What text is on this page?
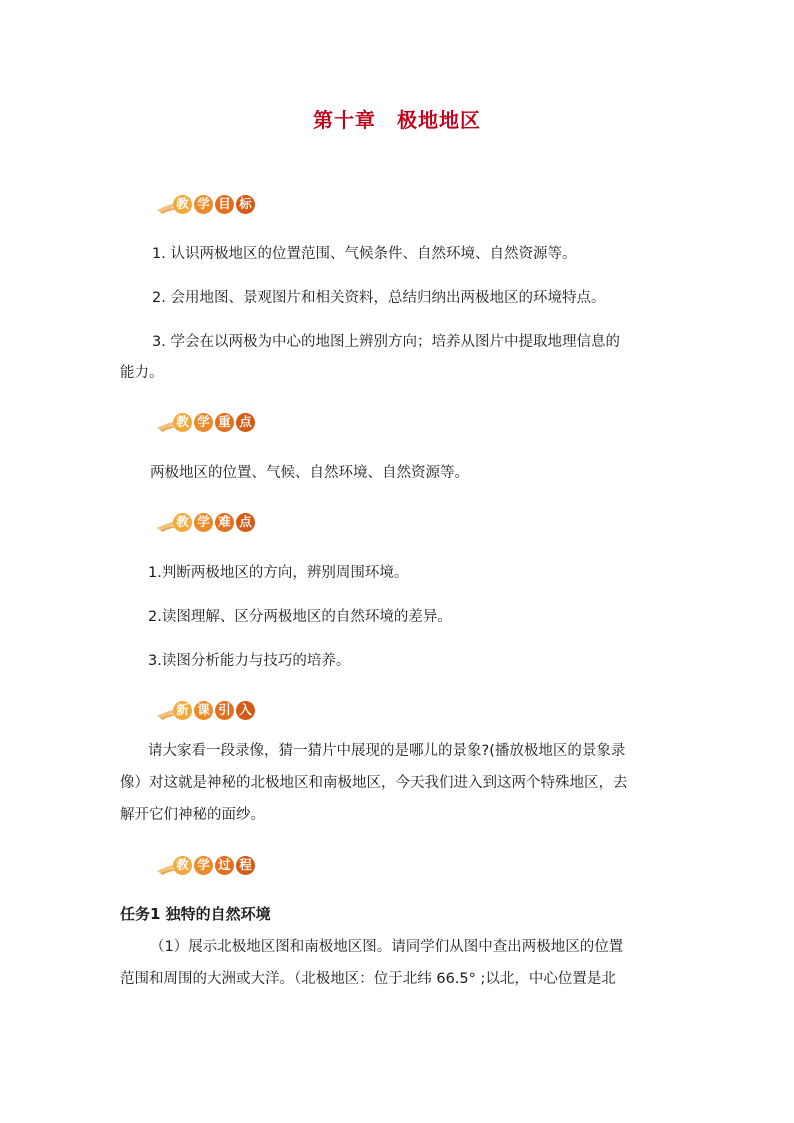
第十章　极地地区
教 学 目 标
1. 认识两极地区的位置范围、气候条件、自然环境、自然资源等。
2. 会用地图、景观图片和相关资料，总结归纳出两极地区的环境特点。
3. 学会在以两极为中心的地图上辨别方向；培养从图片中提取地理信息的
能力。
教 学 重 点
两极地区的位置、气候、自然环境、自然资源等。
教 学 难 点
1.判断两极地区的方向，辨别周围环境。
2.读图理解、区分两极地区的自然环境的差异。
3.读图分析能力与技巧的培养。
新 课 引 入
请大家看一段录像，猜一猜片中展现的是哪儿的景象?(播放极地区的景象录
像）对这就是神秘的北极地区和南极地区，今天我们进入到这两个特殊地区，去
解开它们神秘的面纱。
教 学 过 程
任务1 独特的自然环境
（1）展示北极地区图和南极地区图。请同学们从图中查出两极地区的位置
范围和周围的大洲或大洋。（北极地区：位于北纬 66.5° ;以北，中心位置是北
